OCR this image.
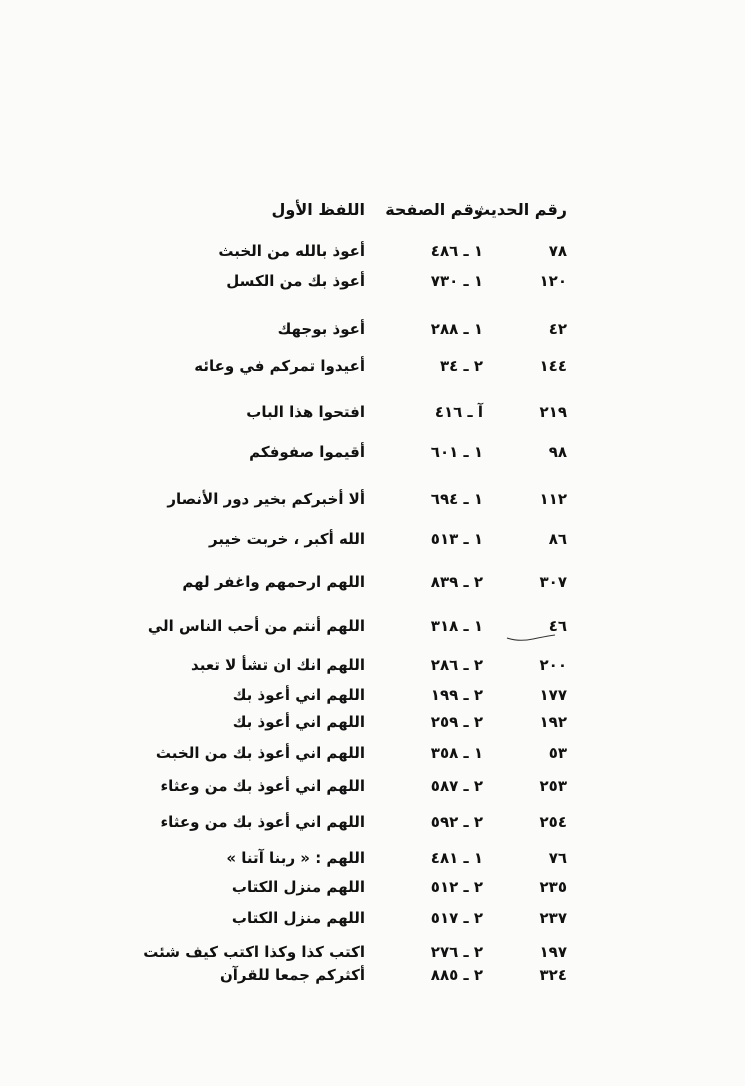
رقم الحديث
رقم الصفحة
اللفظ الأول
٧٨
١ ـ ٤٨٦
أعوذ بالله من الخبث
١٢٠
١ ـ ٧٣٠
أعوذ بك من الكسل
٤٢
١ ـ ٢٨٨
أعوذ بوجهك
١٤٤
٢ ـ ٣٤
أعيدوا تمركم في وعائه
٢١٩
آ ـ ٤١٦
افتحوا هذا الباب
٩٨
١ ـ ٦٠١
أقيموا صفوفكم
١١٢
١ ـ ٦٩٤
ألا أخبركم بخير دور الأنصار
٨٦
١ ـ ٥١٣
الله أكبر ، خربت خيبر
٣٠٧
٢ ـ ٨٣٩
اللهم ارحمهم واغفر لهم
٤٦
١ ـ ٣١٨
اللهم أنتم من أحب الناس الي
٢٠٠
٢ ـ ٢٨٦
اللهم انك ان تشأ لا تعبد
١٧٧
٢ ـ ١٩٩
اللهم اني أعوذ بك
١٩٢
٢ ـ ٢٥٩
اللهم اني أعوذ بك
٥٣
١ ـ ٣٥٨
اللهم اني أعوذ بك من الخبث
٢٥٣
٢ ـ ٥٨٧
اللهم اني أعوذ بك من وعثاء
٢٥٤
٢ ـ ٥٩٢
اللهم اني أعوذ بك من وعثاء
٧٦
١ ـ ٤٨١
اللهم : « ربنا آتنا »
٢٣٥
٢ ـ ٥١٢
اللهم منزل الكتاب
٢٣٧
٢ ـ ٥١٧
اللهم منزل الكتاب
١٩٧
٢ ـ ٢٧٦
اكتب كذا وكذا اكتب كيف شئت
٣٢٤
٢ ـ ٨٨٥
أكثركم جمعا للقرآن
